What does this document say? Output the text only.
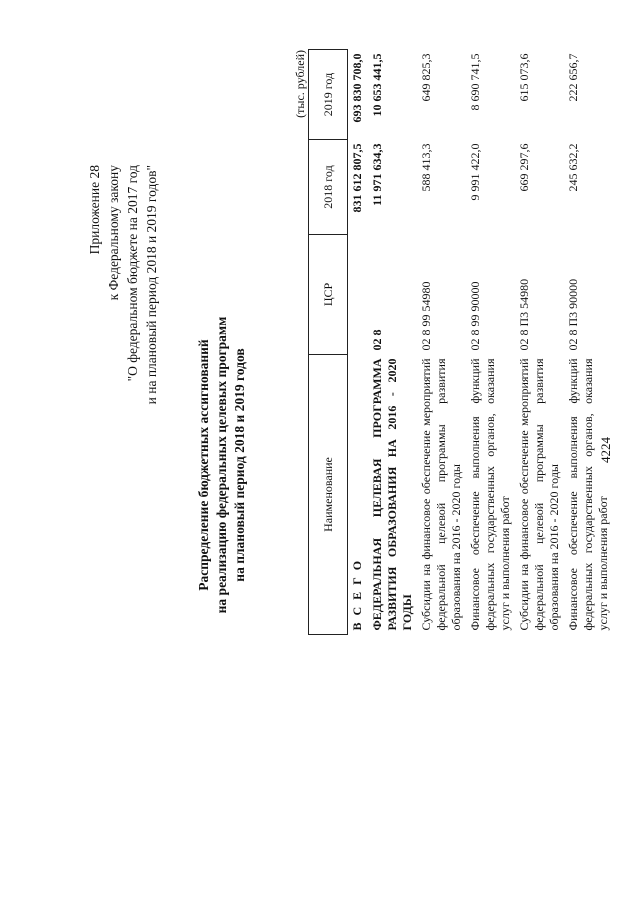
4224
Приложение 28 к Федеральному закону "О федеральном бюджете на 2017 год и на плановый период 2018 и 2019 годов"
Распределение бюджетных ассигнований на реализацию федеральных целевых программ на плановый период 2018 и 2019 годов
(тыс. рублей)
Наименование	ЦСР	2018 год	2019 год
В С Е Г О		831 612 807,5	693 830 708,0
ФЕДЕРАЛЬНАЯ ЦЕЛЕВАЯ ПРОГРАММА РАЗВИТИЯ ОБРАЗОВАНИЯ НА 2016 - 2020 ГОДЫ	02 8	11 971 634,3	10 653 441,5
Субсидии на финансовое обеспечение мероприятий федеральной целевой программы развития образования на 2016 - 2020 годы	02 8 99 54980	588 413,3	649 825,3
Финансовое обеспечение выполнения функций федеральных государственных органов, оказания услуг и выполнения работ	02 8 99 90000	9 991 422,0	8 690 741,5
Субсидии на финансовое обеспечение мероприятий федеральной целевой программы развития образования на 2016 - 2020 годы	02 8 П3 54980	669 297,6	615 073,6
Финансовое обеспечение выполнения функций федеральных государственных органов, оказания услуг и выполнения работ	02 8 П3 90000	245 632,2	222 656,7
